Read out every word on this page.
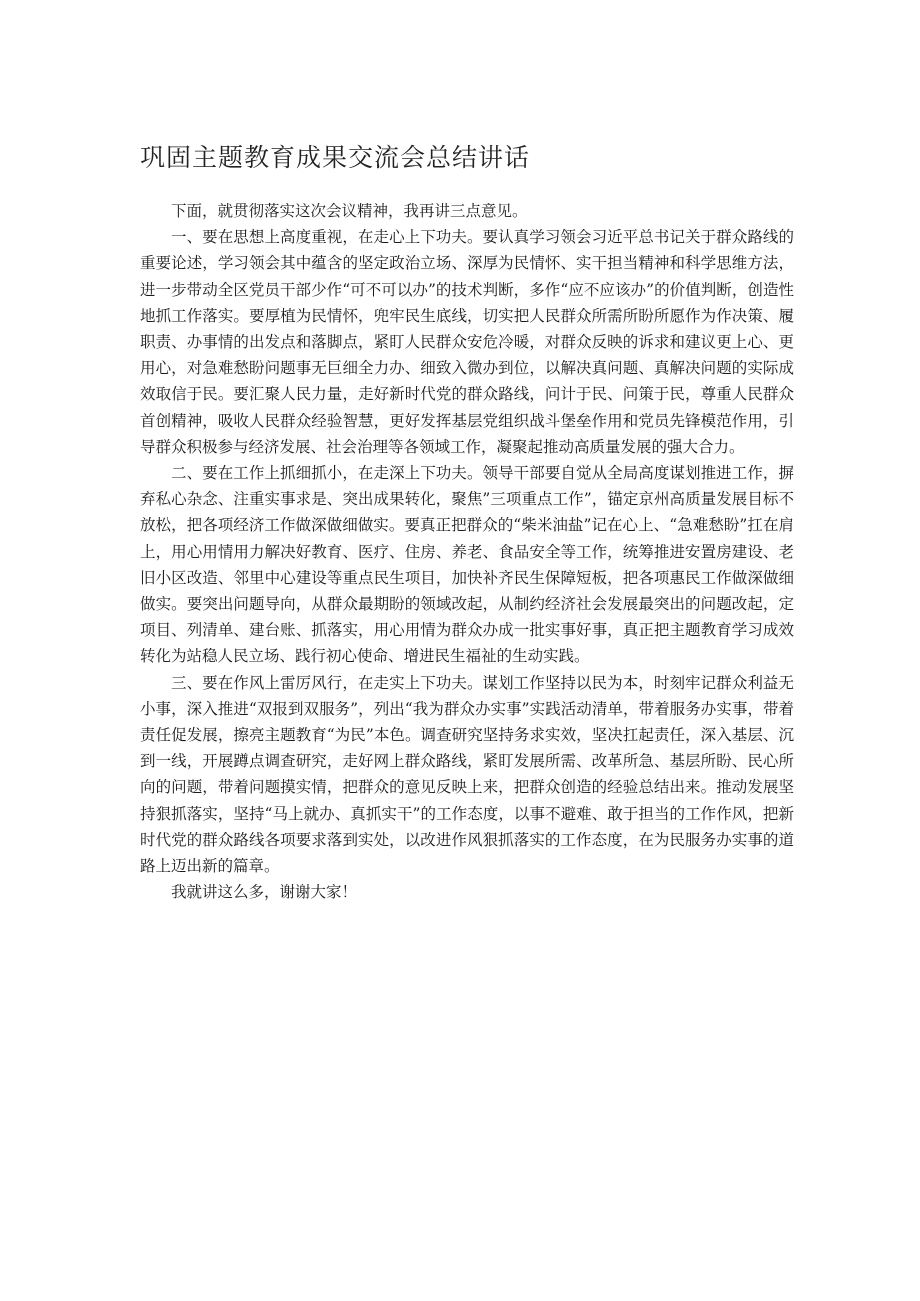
巩固主题教育成果交流会总结讲话

下面，就贯彻落实这次会议精神，我再讲三点意见。

一、要在思想上高度重视，在走心上下功夫。要认真学习领会习近平总书记关于群众路线的重要论述，学习领会其中蕴含的坚定政治立场、深厚为民情怀、实干担当精神和科学思维方法，进一步带动全区党员干部少作“可不可以办”的技术判断，多作“应不应该办”的价值判断，创造性地抓工作落实。要厚植为民情怀，兜牢民生底线，切实把人民群众所需所盼所愿作为作决策、履职责、办事情的出发点和落脚点，紧盯人民群众安危冷暖，对群众反映的诉求和建议更上心、更用心，对急难愁盼问题事无巨细全力办、细致入微办到位，以解决真问题、真解决问题的实际成效取信于民。要汇聚人民力量，走好新时代党的群众路线，问计于民、问策于民，尊重人民群众首创精神，吸收人民群众经验智慧，更好发挥基层党组织战斗堡垒作用和党员先锋模范作用，引导群众积极参与经济发展、社会治理等各领域工作，凝聚起推动高质量发展的强大合力。

二、要在工作上抓细抓小，在走深上下功夫。领导干部要自觉从全局高度谋划推进工作，摒弃私心杂念、注重实事求是、突出成果转化，聚焦”三项重点工作”，锚定京州高质量发展目标不放松，把各项经济工作做深做细做实。要真正把群众的“柴米油盐”记在心上、“急难愁盼”扛在肩上，用心用情用力解决好教育、医疗、住房、养老、食品安全等工作，统筹推进安置房建设、老旧小区改造、邻里中心建设等重点民生项目，加快补齐民生保障短板，把各项惠民工作做深做细做实。要突出问题导向，从群众最期盼的领域改起，从制约经济社会发展最突出的问题改起，定项目、列清单、建台账、抓落实，用心用情为群众办成一批实事好事，真正把主题教育学习成效转化为站稳人民立场、践行初心使命、增进民生福祉的生动实践。

三、要在作风上雷厉风行，在走实上下功夫。谋划工作坚持以民为本，时刻牢记群众利益无小事，深入推进“双报到双服务”，列出“我为群众办实事”实践活动清单，带着服务办实事，带着责任促发展，擦亮主题教育“为民”本色。调查研究坚持务求实效，坚决扛起责任，深入基层、沉到一线，开展蹲点调查研究，走好网上群众路线，紧盯发展所需、改革所急、基层所盼、民心所向的问题，带着问题摸实情，把群众的意见反映上来，把群众创造的经验总结出来。推动发展坚持狠抓落实，坚持“马上就办、真抓实干”的工作态度，以事不避难、敢于担当的工作作风，把新时代党的群众路线各项要求落到实处，以改进作风狠抓落实的工作态度，在为民服务办实事的道路上迈出新的篇章。

我就讲这么多，谢谢大家！
